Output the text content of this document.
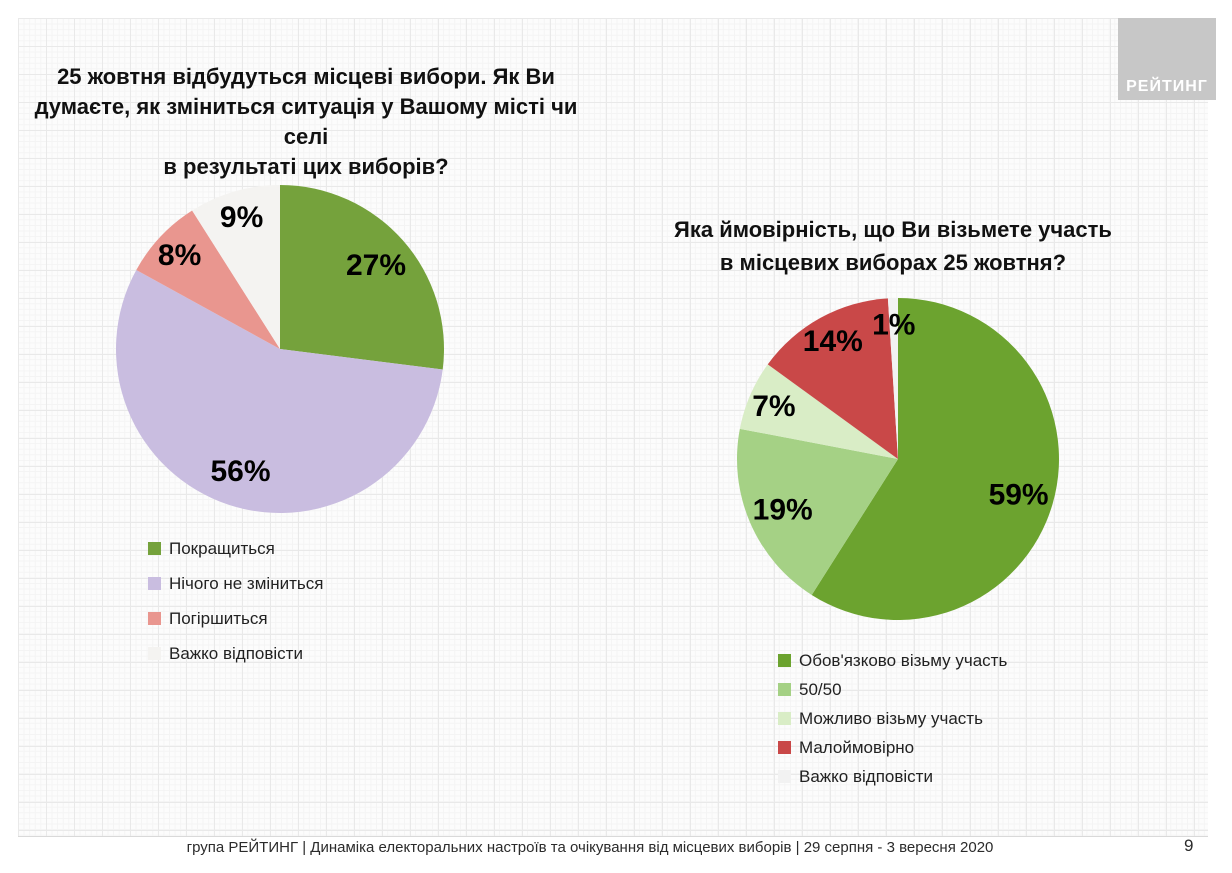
РЕЙТИНГ
25 жовтня відбудуться місцеві вибори. Як Ви
думаєте, як зміниться ситуація у Вашому місті чи селі
в результаті цих виборів?
27%
56%
8%
9%
Покращиться
Нічого не зміниться
Погіршиться
Важко відповісти
Яка ймовірність, що Ви візьмете участь
в місцевих виборах 25 жовтня?
59%
19%
7%
14%
1%
Обов'язково візьму участь
50/50
Можливо візьму участь
Малоймовірно
Важко відповісти
група РЕЙТИНГ | Динаміка електоральних настроїв та очікування від місцевих виборів | 29 серпня - 3 вересня 2020	9
